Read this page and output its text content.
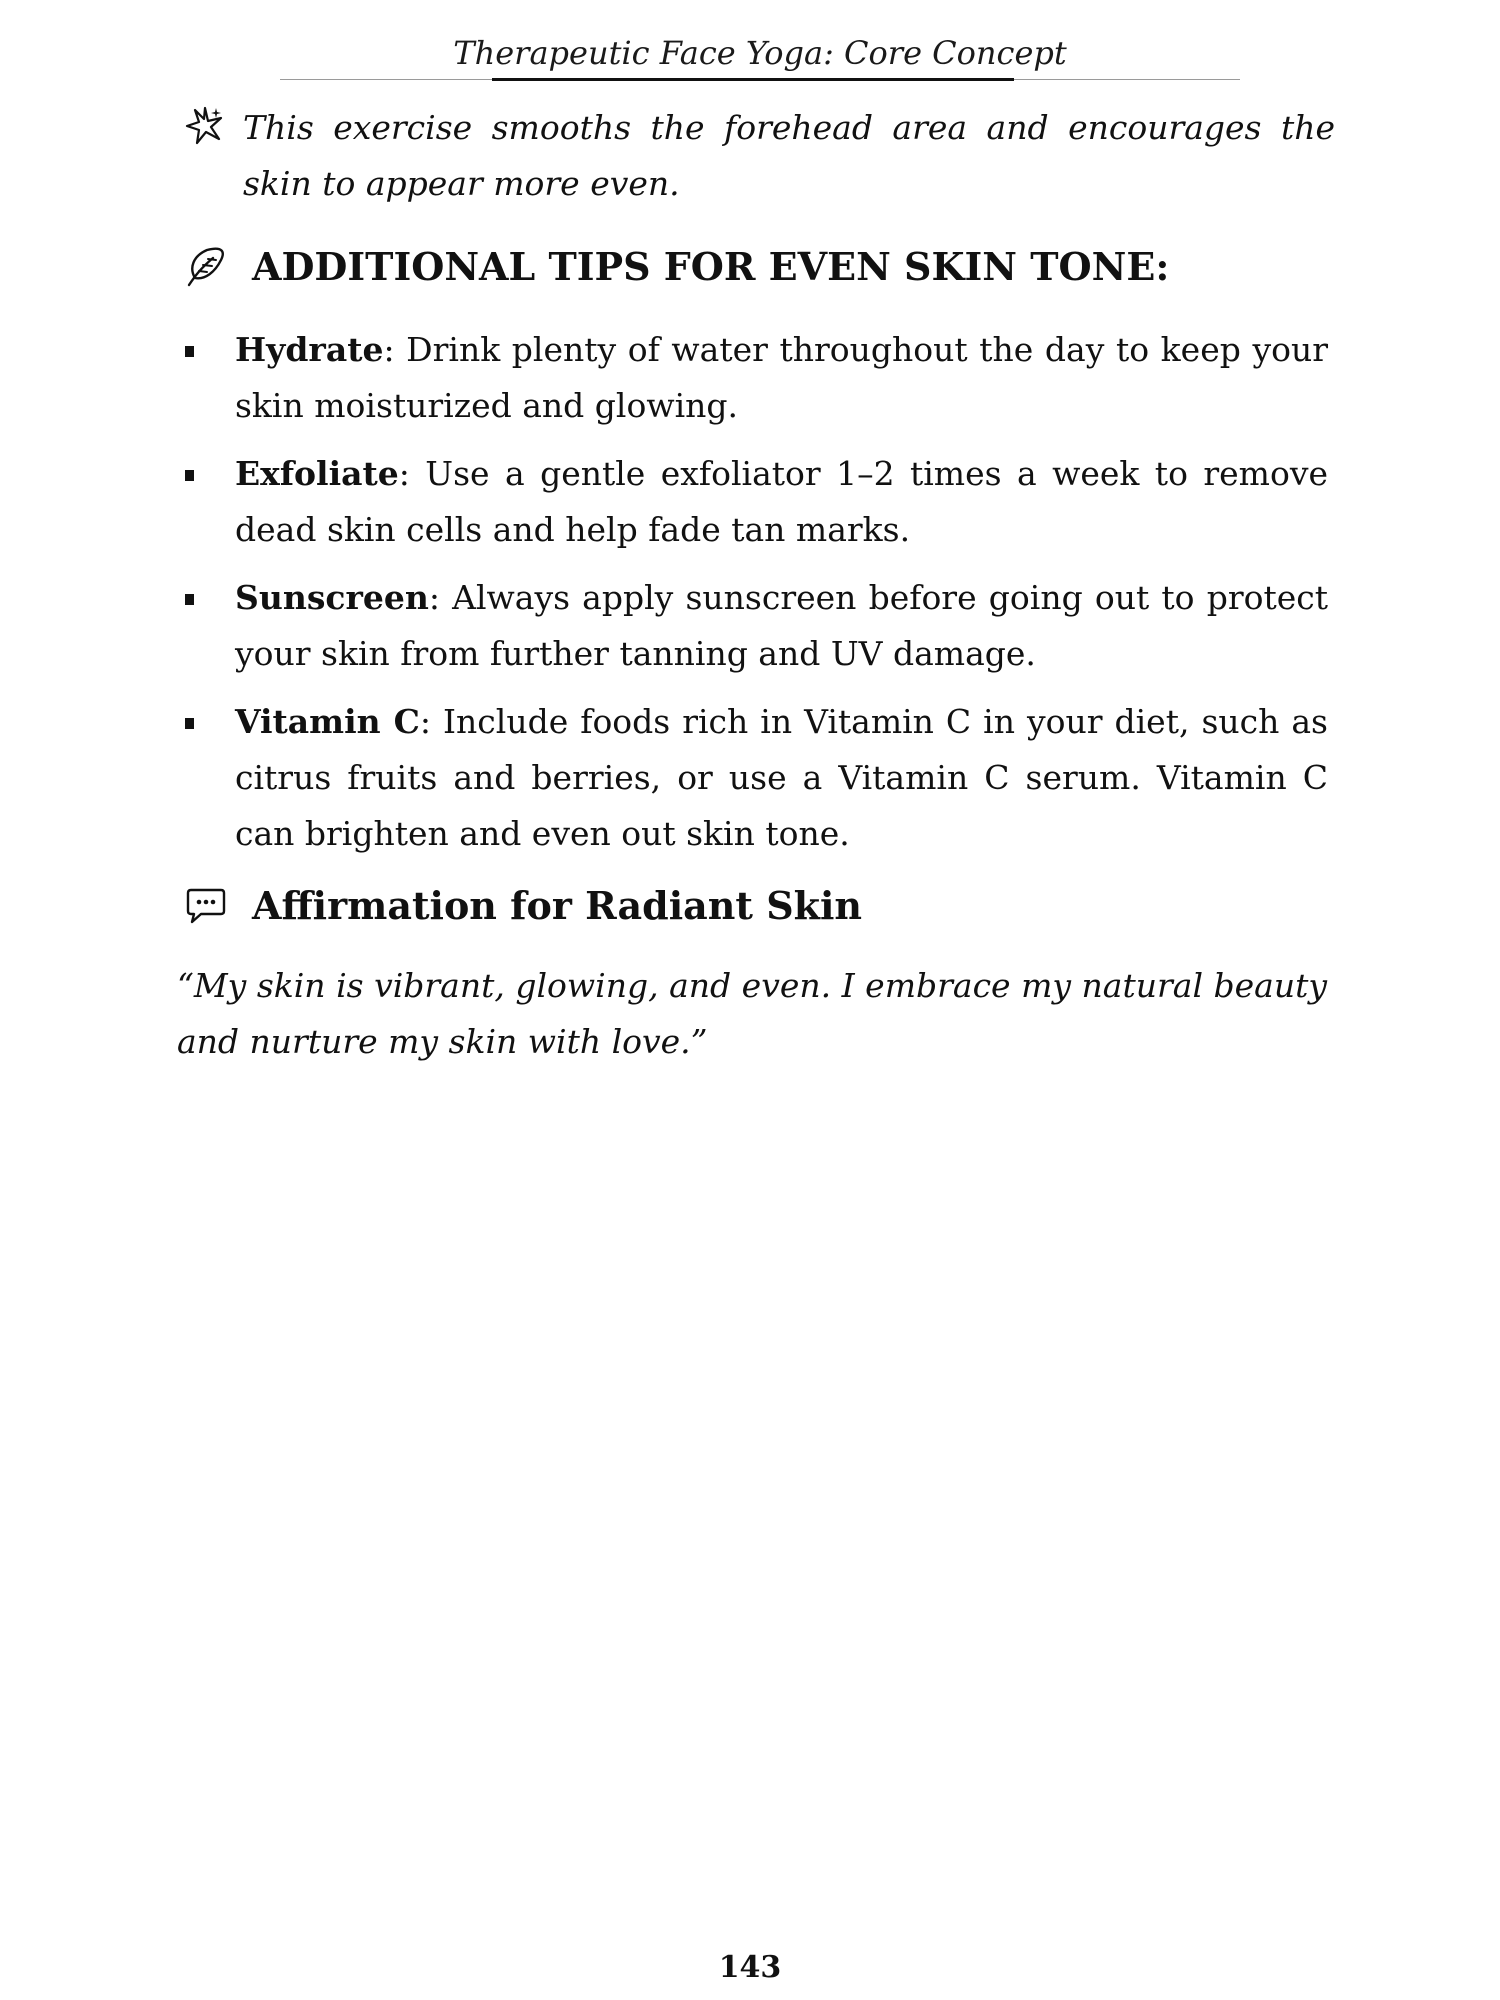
Therapeutic Face Yoga: Core Concept
This exercise smooths the forehead area and encourages the skin to appear more even.
ADDITIONAL TIPS FOR EVEN SKIN TONE:
Hydrate: Drink plenty of water throughout the day to keep your skin moisturized and glowing.
Exfoliate: Use a gentle exfoliator 1–2 times a week to remove dead skin cells and help fade tan marks.
Sunscreen: Always apply sunscreen before going out to protect your skin from further tanning and UV damage.
Vitamin C: Include foods rich in Vitamin C in your diet, such as citrus fruits and berries, or use a Vitamin C serum. Vitamin C can brighten and even out skin tone.
Affirmation for Radiant Skin

“My skin is vibrant, glowing, and even. I embrace my natural beauty and nurture my skin with love.”

143
